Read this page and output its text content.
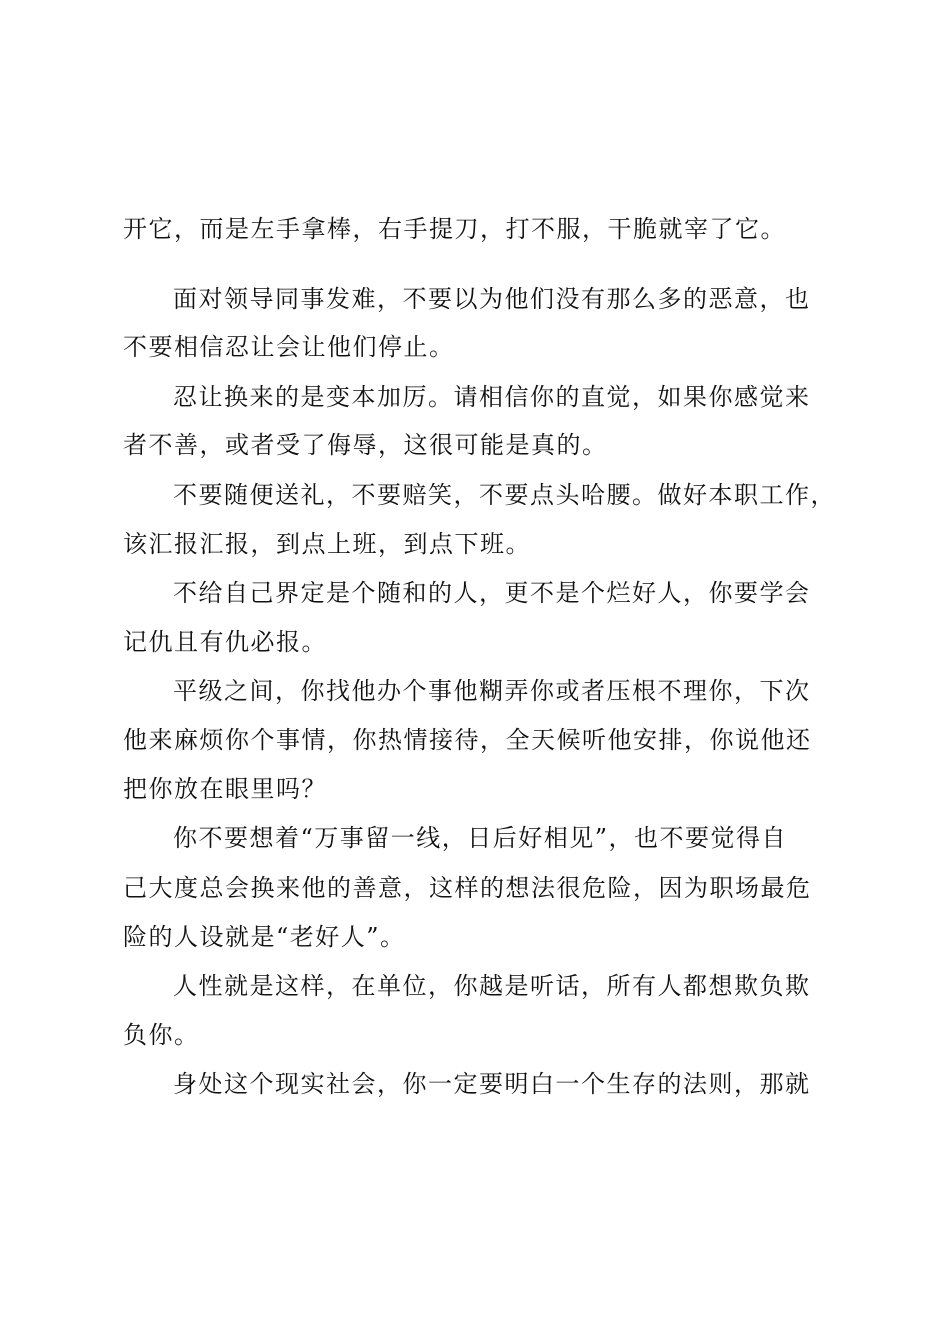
开它，而是左手拿棒，右手提刀，打不服，干脆就宰了它。
面对领导同事发难，不要以为他们没有那么多的恶意，也
不要相信忍让会让他们停止。
忍让换来的是变本加厉。请相信你的直觉，如果你感觉来
者不善，或者受了侮辱，这很可能是真的。
不要随便送礼，不要赔笑，不要点头哈腰。做好本职工作，
该汇报汇报，到点上班，到点下班。
不给自己界定是个随和的人，更不是个烂好人，你要学会
记仇且有仇必报。
平级之间，你找他办个事他糊弄你或者压根不理你，下次
他来麻烦你个事情，你热情接待，全天候听他安排，你说他还
把你放在眼里吗？
你不要想着“万事留一线，日后好相见”，也不要觉得自
己大度总会换来他的善意，这样的想法很危险，因为职场最危
险的人设就是“老好人”。
人性就是这样，在单位，你越是听话，所有人都想欺负欺
负你。
身处这个现实社会，你一定要明白一个生存的法则，那就
